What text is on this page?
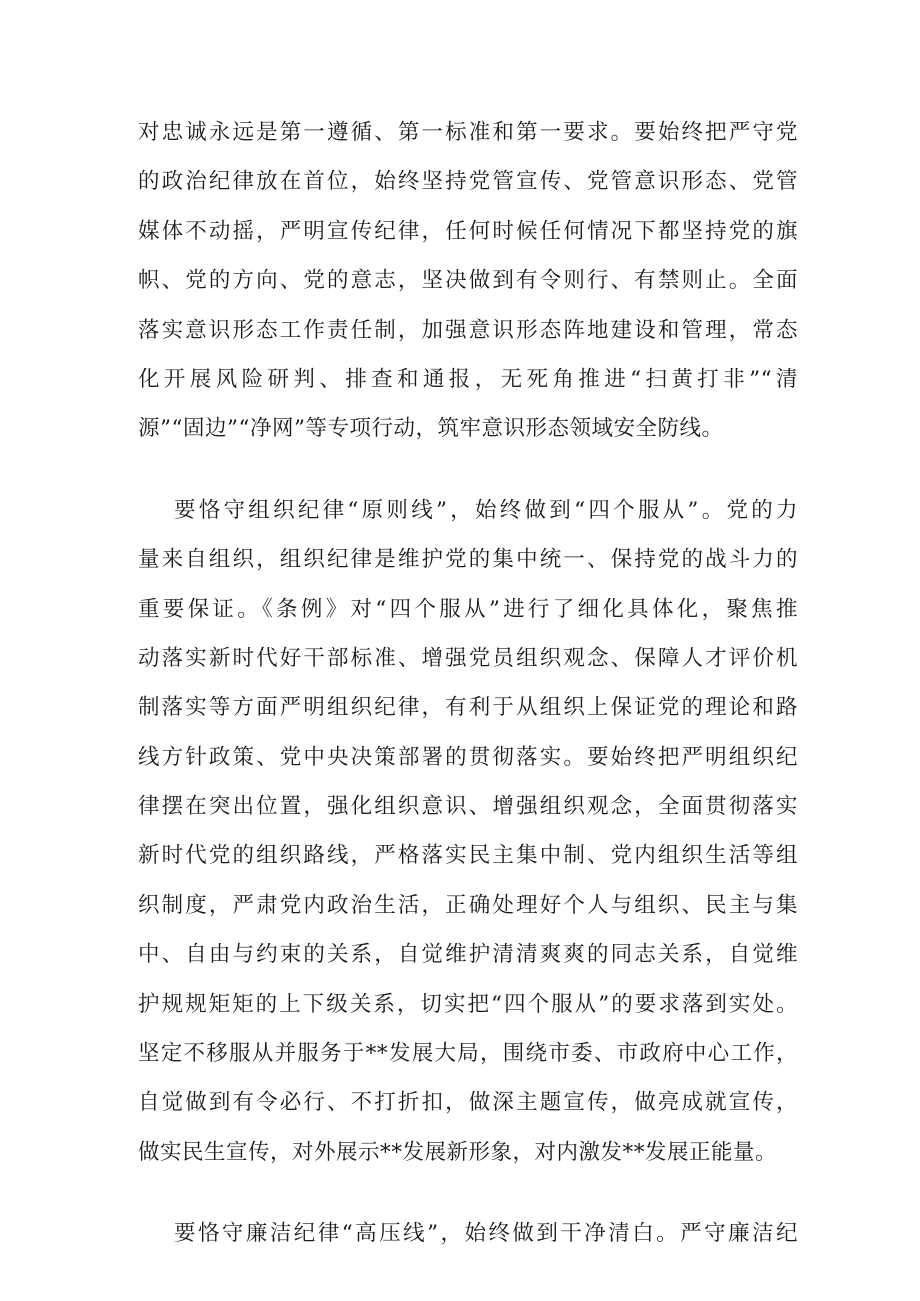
对忠诚永远是第一遵循、第一标准和第一要求。要始终把严守党
的政治纪律放在首位，始终坚持党管宣传、党管意识形态、党管
媒体不动摇，严明宣传纪律，任何时候任何情况下都坚持党的旗
帜、党的方向、党的意志，坚决做到有令则行、有禁则止。全面
落实意识形态工作责任制，加强意识形态阵地建设和管理，常态
化开展风险研判、排查和通报，无死角推进“扫黄打非”“清
源”“固边”“净网”等专项行动，筑牢意识形态领域安全防线。
要恪守组织纪律“原则线”，始终做到“四个服从”。党的力
量来自组织，组织纪律是维护党的集中统一、保持党的战斗力的
重要保证。《条例》对“四个服从”进行了细化具体化，聚焦推
动落实新时代好干部标准、增强党员组织观念、保障人才评价机
制落实等方面严明组织纪律，有利于从组织上保证党的理论和路
线方针政策、党中央决策部署的贯彻落实。要始终把严明组织纪
律摆在突出位置，强化组织意识、增强组织观念，全面贯彻落实
新时代党的组织路线，严格落实民主集中制、党内组织生活等组
织制度，严肃党内政治生活，正确处理好个人与组织、民主与集
中、自由与约束的关系，自觉维护清清爽爽的同志关系，自觉维
护规规矩矩的上下级关系，切实把“四个服从”的要求落到实处。
坚定不移服从并服务于**发展大局，围绕市委、市政府中心工作，
自觉做到有令必行、不打折扣，做深主题宣传，做亮成就宣传，
做实民生宣传，对外展示**发展新形象，对内激发**发展正能量。
要恪守廉洁纪律“高压线”，始终做到干净清白。严守廉洁纪
